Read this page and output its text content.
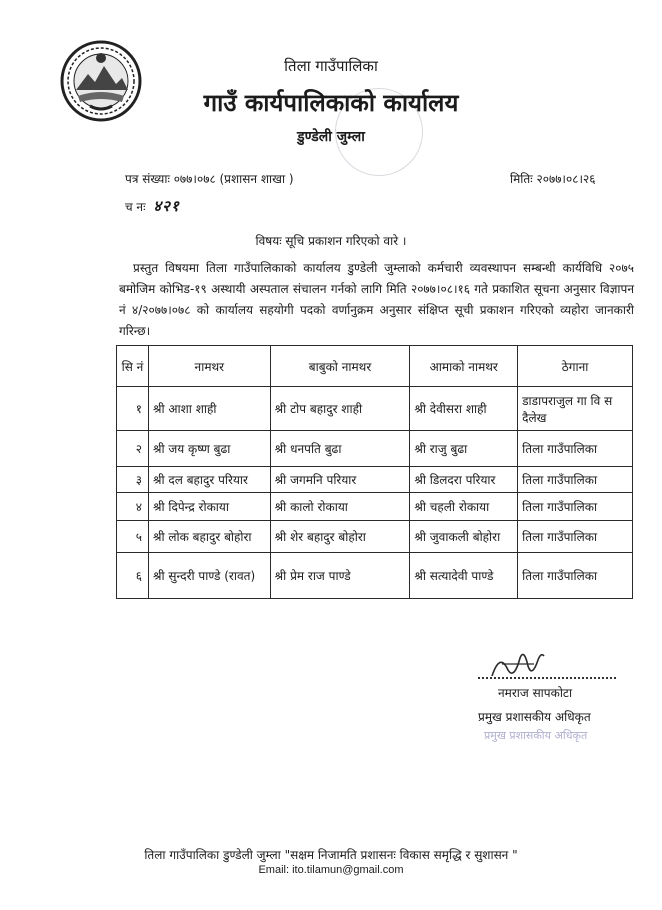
तिला गाउँपालिका
गाउँ कार्यपालिकाको कार्यालय
डुण्डेली जुम्ला
पत्र संख्याः ०७७।०७८ (प्रशासन शाखा )	मितिः २०७७।०८।२६
च नः ४२१
विषयः सूचि प्रकाशन गरिएको वारे ।
प्रस्तुत विषयमा तिला गाउँपालिकाको कार्यालय डुण्डेली जुम्लाको कर्मचारी व्यवस्थापन सम्बन्धी कार्यविधि २०७५ बमोजिम कोभिड-१९ अस्थायी अस्पताल संचालन गर्नको लागि मिति २०७७।०८।१६ गते प्रकाशित सूचना अनुसार विज्ञापन नं ४/२०७७।०७८ को कार्यालय सहयोगी पदको वर्णानुक्रम अनुसार संक्षिप्त सूची प्रकाशन गरिएको व्यहोरा जानकारी गरिन्छ।
सि नं	नामथर	बाबुको नामथर	आमाको नामथर	ठेगाना
१	श्री आशा शाही	श्री टोप बहादुर शाही	श्री देवीसरा शाही	डाडापराजुल गा वि स दैलेख
२	श्री जय कृष्ण बुढा	श्री धनपति बुढा	श्री राजु बुढा	तिला गाउँपालिका
३	श्री दल बहादुर परियार	श्री जगमनि परियार	श्री डिलदरा परियार	तिला गाउँपालिका
४	श्री दिपेन्द्र रोकाया	श्री कालो रोकाया	श्री चहली रोकाया	तिला गाउँपालिका
५	श्री लोक बहादुर बोहोरा	श्री शेर बहादुर बोहोरा	श्री जुवाकली बोहोरा	तिला गाउँपालिका
६	श्री सुन्दरी पाण्डे (रावत)	श्री प्रेम राज पाण्डे	श्री सत्यादेवी पाण्डे	तिला गाउँपालिका
नमराज सापकोटा
प्रमुख प्रशासकीय अधिकृत
प्रमुख प्रशासकीय अधिकृत
तिला गाउँपालिका डुण्डेली जुम्ला "सक्षम निजामति प्रशासनः विकास समृद्धि र सुशासन "
Email: ito.tilamun@gmail.com
